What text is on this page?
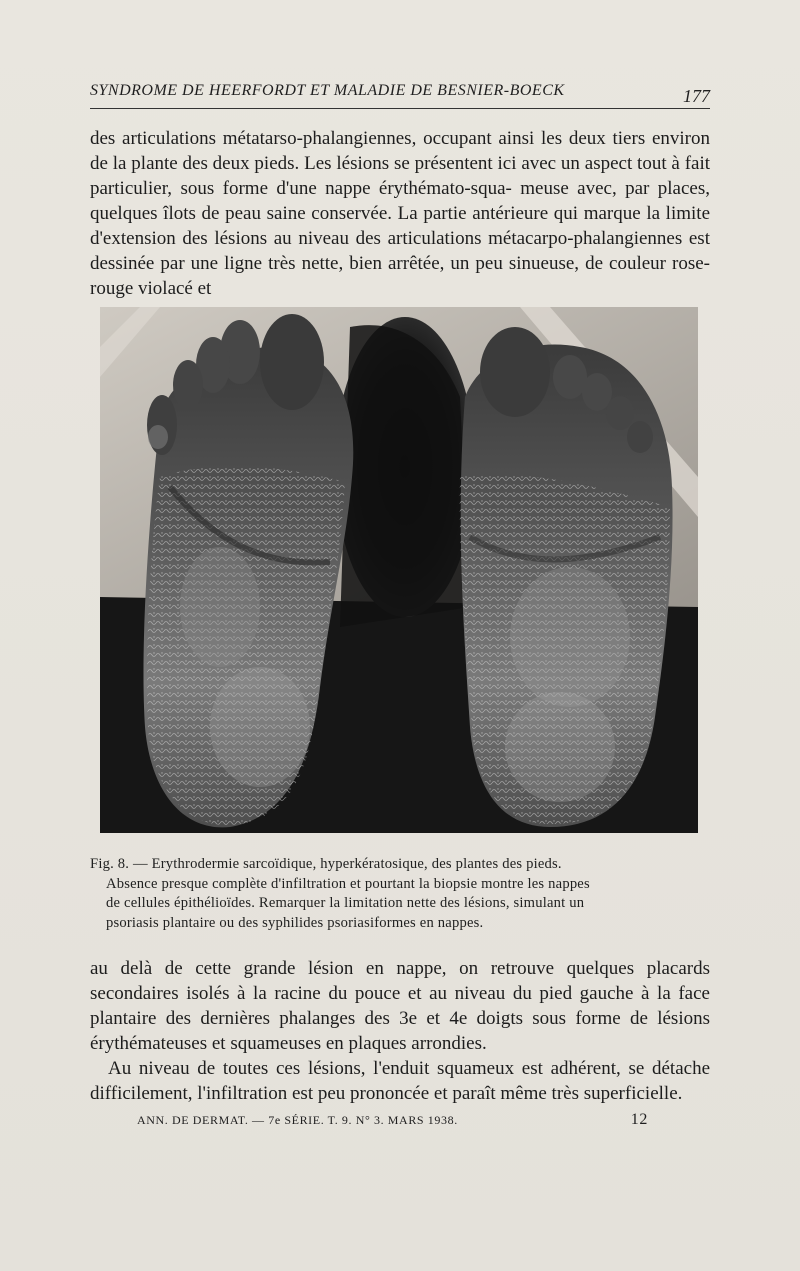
SYNDROME DE HEERFORDT ET MALADIE DE BESNIER-BOECK	177
des articulations métatarso-phalangiennes, occupant ainsi les deux tiers environ de la plante des deux pieds. Les lésions se présentent ici avec un aspect tout à fait particulier, sous forme d'une nappe érythémato-squa- meuse avec, par places, quelques îlots de peau saine conservée. La partie antérieure qui marque la limite d'extension des lésions au niveau des articulations métacarpo-phalangiennes est dessinée par une ligne très nette, bien arrêtée, un peu sinueuse, de couleur rose-rouge violacé et
Fig. 8. — Erythrodermie sarcoïdique, hyperkératosique, des plantes des pieds.
Absence presque complète d'infiltration et pourtant la biopsie montre les nappes
de cellules épithélioïdes. Remarquer la limitation nette des lésions, simulant un
psoriasis plantaire ou des syphilides psoriasiformes en nappes.
au delà de cette grande lésion en nappe, on retrouve quelques placards secondaires isolés à la racine du pouce et au niveau du pied gauche à la face plantaire des dernières phalanges des 3e et 4e doigts sous forme de lésions érythémateuses et squameuses en plaques arrondies.
Au niveau de toutes ces lésions, l'enduit squameux est adhérent, se détache difficilement, l'infiltration est peu prononcée et paraît même très superficielle.
ANN. DE DERMAT. — 7e SÉRIE. T. 9. N° 3. MARS 1938.	12
